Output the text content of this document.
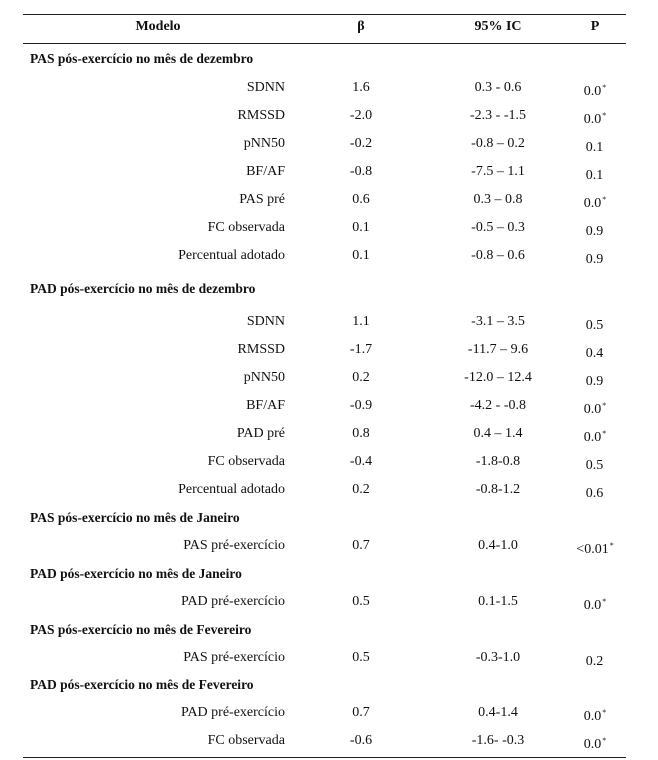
Modelo	β	95% IC	P
PAS pós-exercício no mês de dezembro
SDNN	1.6	0.3 - 0.6	0.0*
RMSSD	-2.0	-2.3 - -1.5	0.0*
pNN50	-0.2	-0.8 – 0.2	0.1
BF/AF	-0.8	-7.5 – 1.1	0.1
PAS pré	0.6	0.3 – 0.8	0.0*
FC observada	0.1	-0.5 – 0.3	0.9
Percentual adotado	0.1	-0.8 – 0.6	0.9
PAD pós-exercício no mês de dezembro
SDNN	1.1	-3.1 – 3.5	0.5
RMSSD	-1.7	-11.7 – 9.6	0.4
pNN50	0.2	-12.0 – 12.4	0.9
BF/AF	-0.9	-4.2 - -0.8	0.0*
PAD pré	0.8	0.4 – 1.4	0.0*
FC observada	-0.4	-1.8-0.8	0.5
Percentual adotado	0.2	-0.8-1.2	0.6
PAS pós-exercício no mês de Janeiro
PAS pré-exercício	0.7	0.4-1.0	<0.01*
PAD pós-exercício no mês de Janeiro
PAD pré-exercício	0.5	0.1-1.5	0.0*
PAS pós-exercício no mês de Fevereiro
PAS pré-exercício	0.5	-0.3-1.0	0.2
PAD pós-exercício no mês de Fevereiro
PAD pré-exercício	0.7	0.4-1.4	0.0*
FC observada	-0.6	-1.6- -0.3	0.0*
